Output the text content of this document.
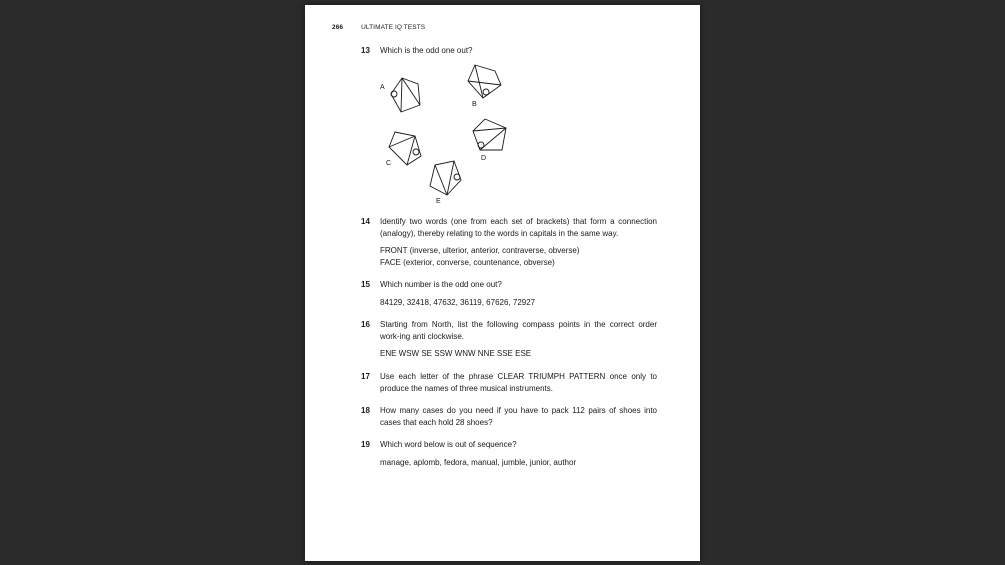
266	ULTIMATE IQ TESTS
13 Which is the odd one out?
A
B
C
D
E
14 Identify two words (one from each set of brackets) that form a connection (analogy), thereby relating to the words in capitals in the same way.
FRONT (inverse, ulterior, anterior, contraverse, obverse)
FACE (exterior, converse, countenance, obverse)
15 Which number is the odd one out?
84129, 32418, 47632, 36119, 67626, 72927
16 Starting from North, list the following compass points in the correct order work-ing anti clockwise.
ENE WSW SE SSW WNW NNE SSE ESE
17 Use each letter of the phrase CLEAR TRIUMPH PATTERN once only to produce the names of three musical instruments.
18 How many cases do you need if you have to pack 112 pairs of shoes into cases that each hold 28 shoes?
19 Which word below is out of sequence?
manage, aplomb, fedora, manual, jumble, junior, author
